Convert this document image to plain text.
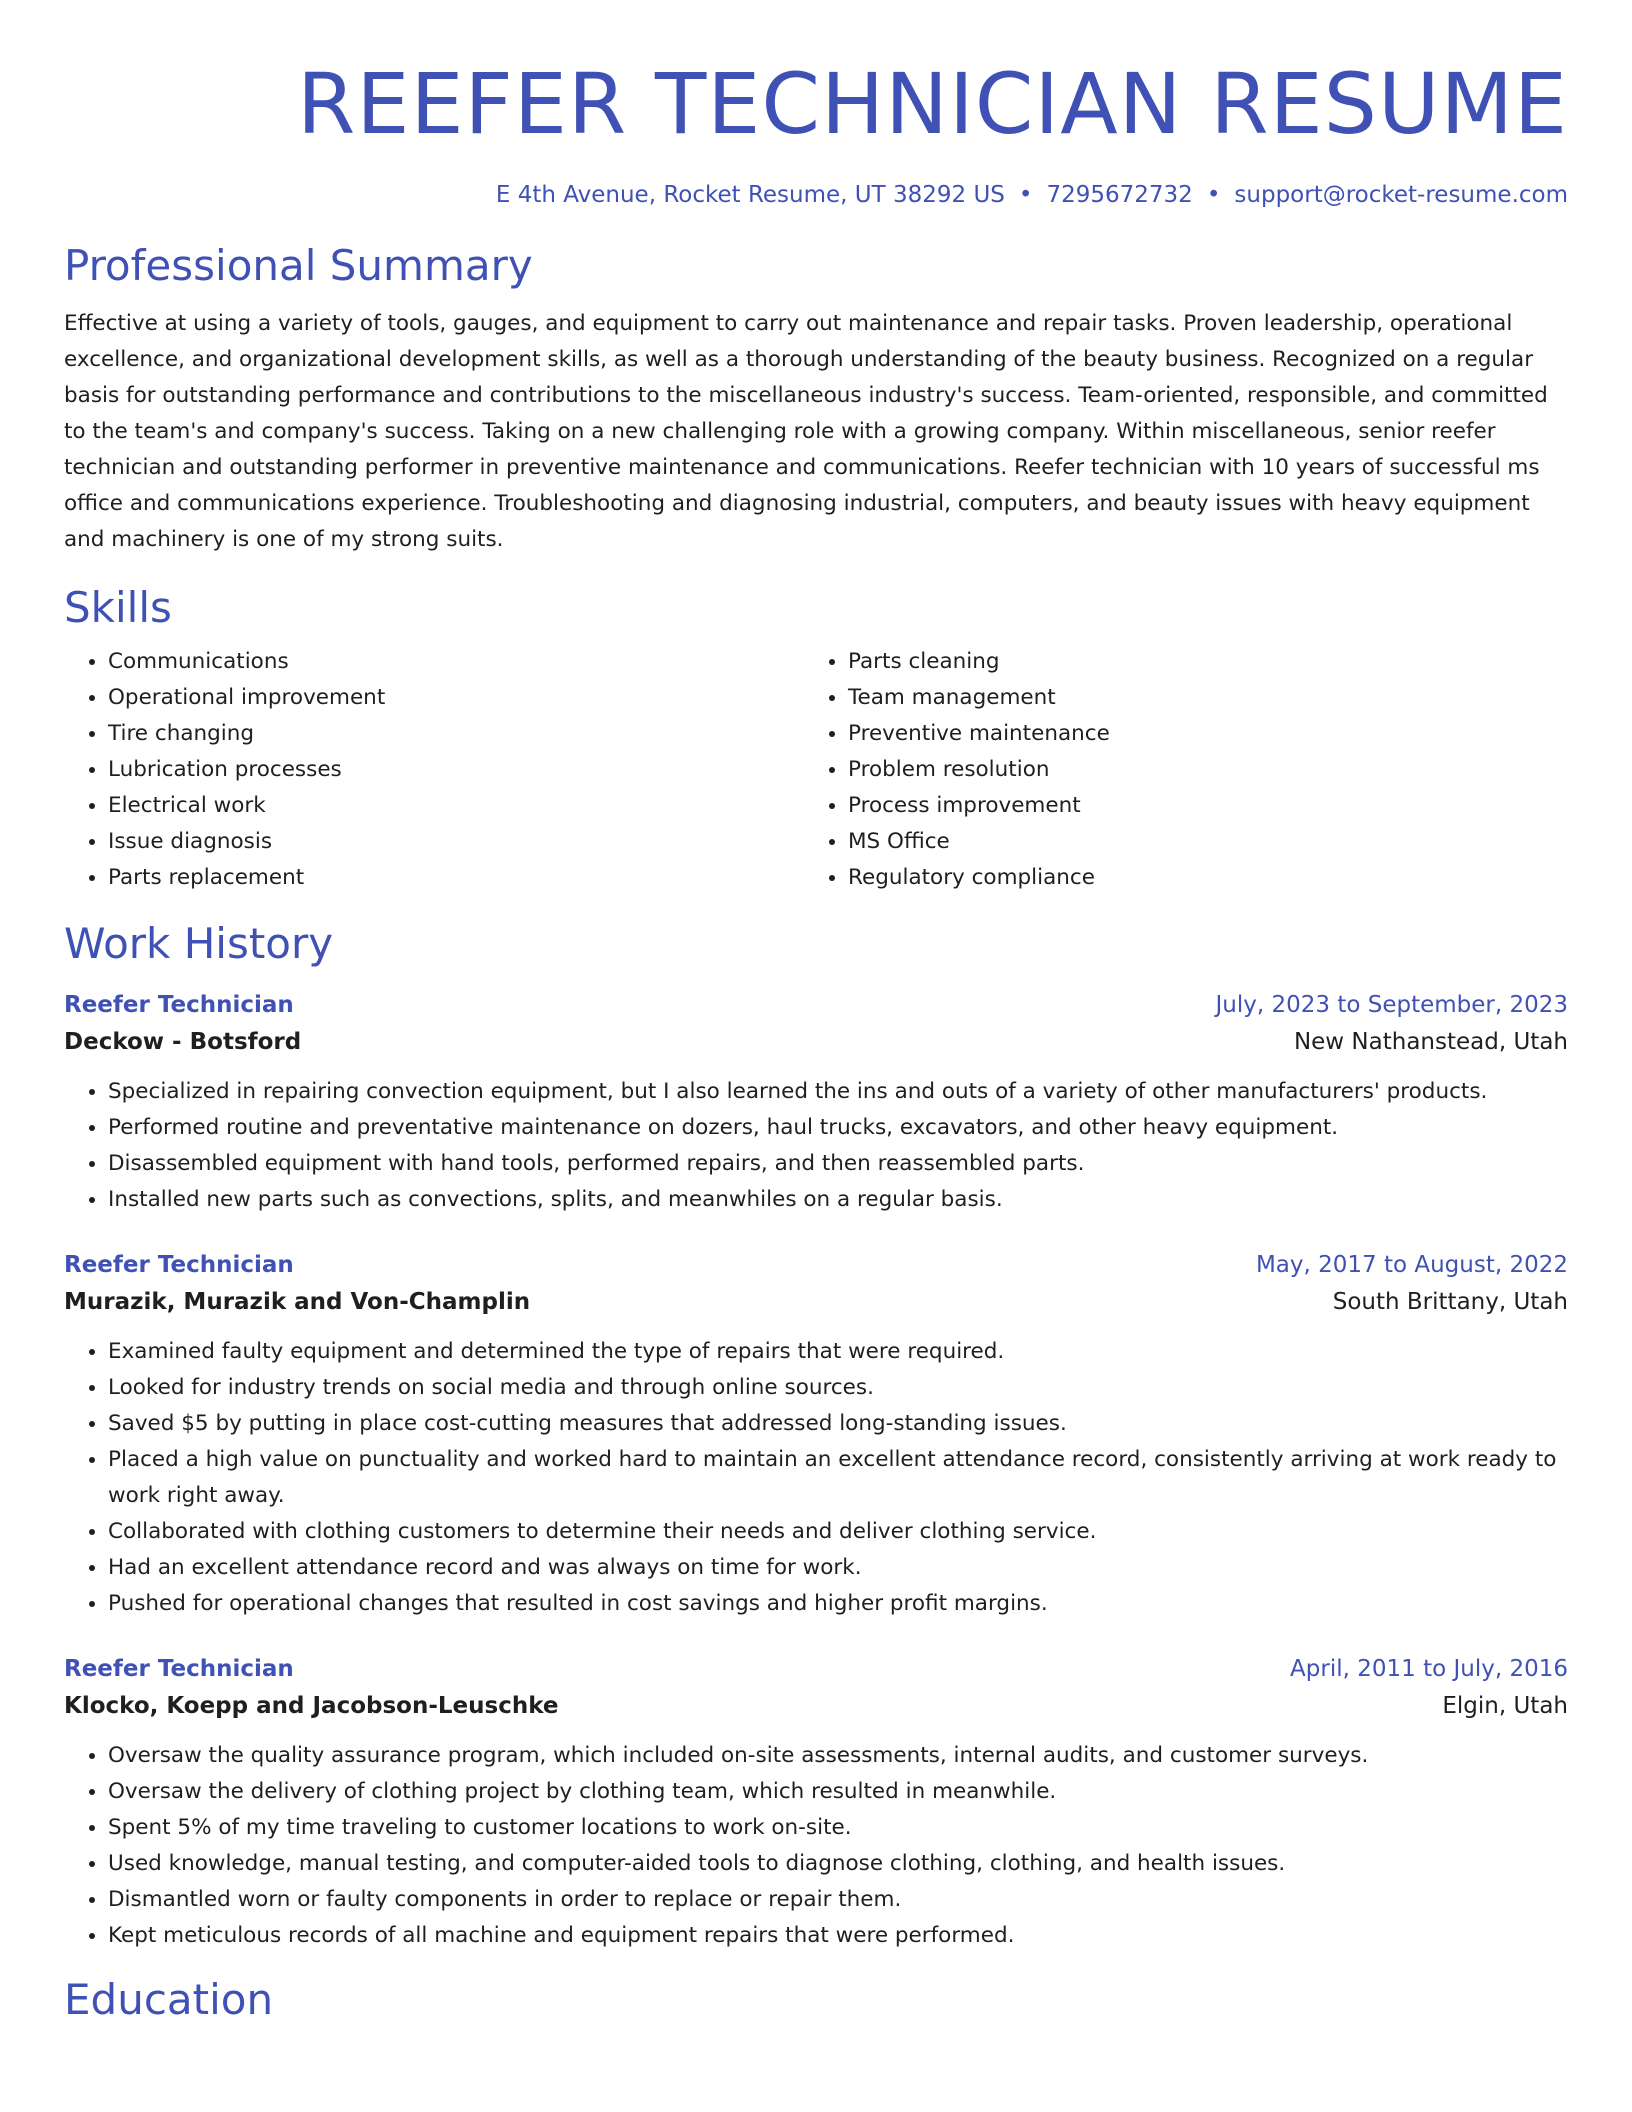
REEFER TECHNICIAN RESUME
E 4th Avenue, Rocket Resume, UT 38292 US • 7295672732 • support@rocket-resume.com
Professional Summary

Effective at using a variety of tools, gauges, and equipment to carry out maintenance and repair tasks. Proven leadership, operational excellence, and organizational development skills, as well as a thorough understanding of the beauty business. Recognized on a regular basis for outstanding performance and contributions to the miscellaneous industry's success. Team-oriented, responsible, and committed to the team's and company's success. Taking on a new challenging role with a growing company. Within miscellaneous, senior reefer technician and outstanding performer in preventive maintenance and communications. Reefer technician with 10 years of successful ms office and communications experience. Troubleshooting and diagnosing industrial, computers, and beauty issues with heavy equipment and machinery is one of my strong suits.

Skills
• Communications
• Operational improvement
• Tire changing
• Lubrication processes
• Electrical work
• Issue diagnosis
• Parts replacement
• Parts cleaning
• Team management
• Preventive maintenance
• Problem resolution
• Process improvement
• MS Office
• Regulatory compliance
Work History
Reefer Technician	July, 2023 to September, 2023
Deckow - Botsford	New Nathanstead, Utah
• Specialized in repairing convection equipment, but I also learned the ins and outs of a variety of other manufacturers' products.
• Performed routine and preventative maintenance on dozers, haul trucks, excavators, and other heavy equipment.
• Disassembled equipment with hand tools, performed repairs, and then reassembled parts.
• Installed new parts such as convections, splits, and meanwhiles on a regular basis.
Reefer Technician	May, 2017 to August, 2022
Murazik, Murazik and Von-Champlin	South Brittany, Utah
• Examined faulty equipment and determined the type of repairs that were required.
• Looked for industry trends on social media and through online sources.
• Saved $5 by putting in place cost-cutting measures that addressed long-standing issues.
• Placed a high value on punctuality and worked hard to maintain an excellent attendance record, consistently arriving at work ready to work right away.
• Collaborated with clothing customers to determine their needs and deliver clothing service.
• Had an excellent attendance record and was always on time for work.
• Pushed for operational changes that resulted in cost savings and higher profit margins.
Reefer Technician	April, 2011 to July, 2016
Klocko, Koepp and Jacobson-Leuschke	Elgin, Utah
• Oversaw the quality assurance program, which included on-site assessments, internal audits, and customer surveys.
• Oversaw the delivery of clothing project by clothing team, which resulted in meanwhile.
• Spent 5% of my time traveling to customer locations to work on-site.
• Used knowledge, manual testing, and computer-aided tools to diagnose clothing, clothing, and health issues.
• Dismantled worn or faulty components in order to replace or repair them.
• Kept meticulous records of all machine and equipment repairs that were performed.
Education
